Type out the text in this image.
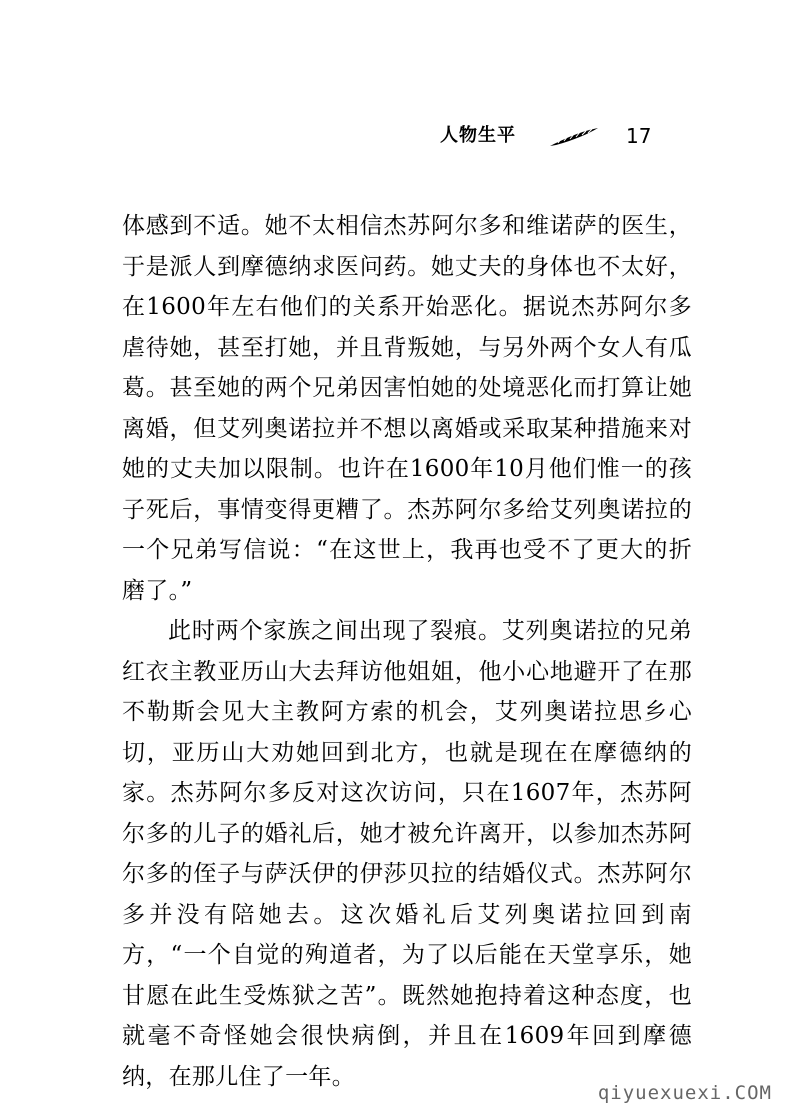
人物生平	17

体感到不适。她不太相信杰苏阿尔多和维诺萨的医生，于是派人到摩德纳求医问药。她丈夫的身体也不太好，在1600年左右他们的关系开始恶化。据说杰苏阿尔多虐待她，甚至打她，并且背叛她，与另外两个女人有瓜葛。甚至她的两个兄弟因害怕她的处境恶化而打算让她离婚，但艾列奥诺拉并不想以离婚或采取某种措施来对她的丈夫加以限制。也许在1600年10月他们惟一的孩子死后，事情变得更糟了。杰苏阿尔多给艾列奥诺拉的一个兄弟写信说：“在这世上，我再也受不了更大的折磨了。”

此时两个家族之间出现了裂痕。艾列奥诺拉的兄弟红衣主教亚历山大去拜访他姐姐，他小心地避开了在那不勒斯会见大主教阿方索的机会，艾列奥诺拉思乡心切，亚历山大劝她回到北方，也就是现在在摩德纳的家。杰苏阿尔多反对这次访问，只在1607年，杰苏阿尔多的儿子的婚礼后，她才被允许离开，以参加杰苏阿尔多的侄子与萨沃伊的伊莎贝拉的结婚仪式。杰苏阿尔多并没有陪她去。这次婚礼后艾列奥诺拉回到南方，“一个自觉的殉道者，为了以后能在天堂享乐，她甘愿在此生受炼狱之苦”。既然她抱持着这种态度，也就毫不奇怪她会很快病倒，并且在1609年回到摩德纳，在那儿住了一年。

qiyuexuexi.COM
